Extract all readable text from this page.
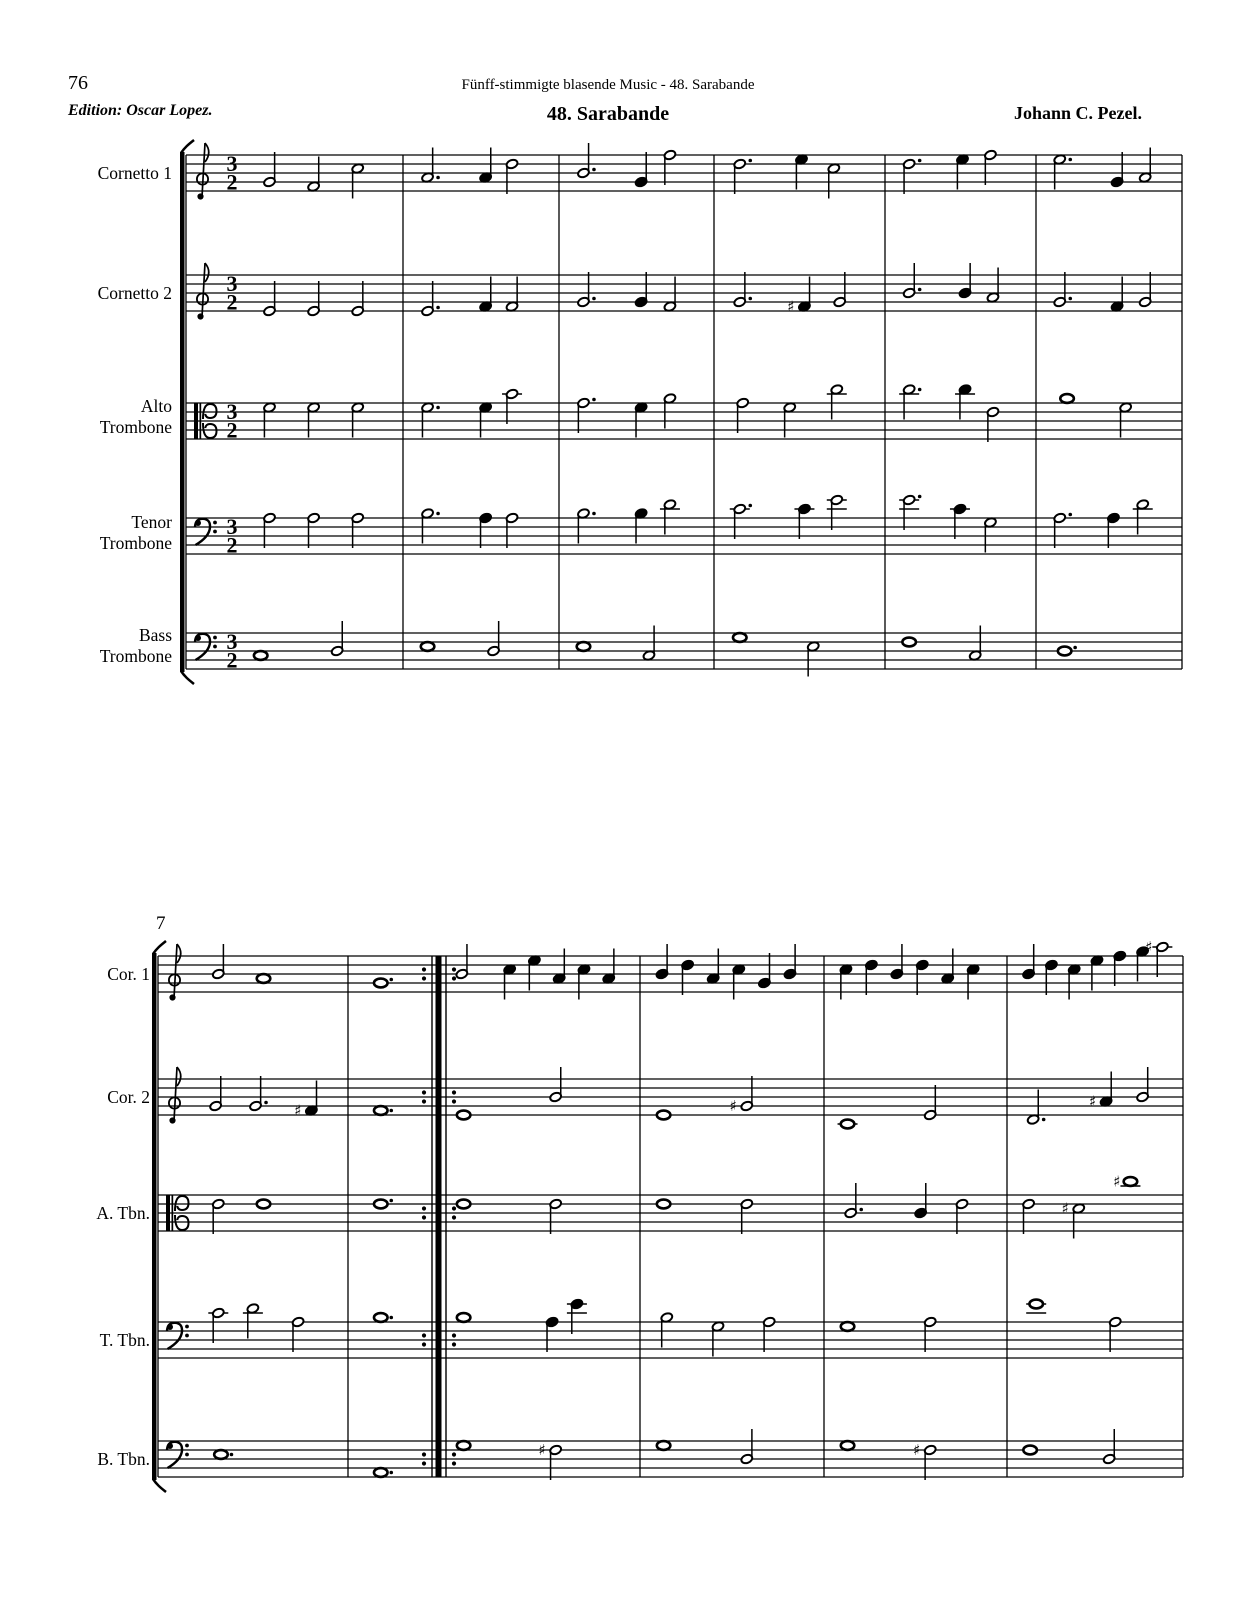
3
2
3
2	♯
3
2
3
2
3
2
♯
♯	♯	♯
♯
♯
♯	♯
76	Fünff-stimmigte blasende Music - 48. Sarabande
Edition: Oscar Lopez.	48. Sarabande	Johann C. Pezel.
7
Cornetto 1
Cornetto 2
Alto
Trombone
Tenor
Trombone
Bass
Trombone
Cor. 1
Cor. 2
A. Tbn.
T. Tbn.
B. Tbn.
